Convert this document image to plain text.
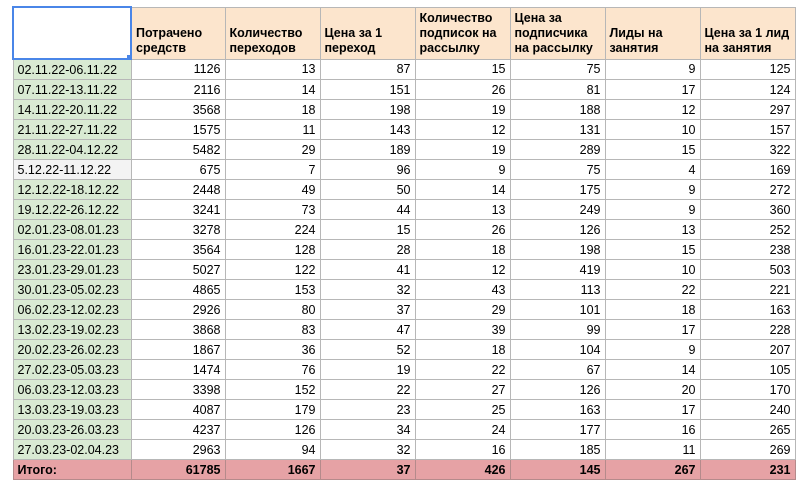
	Потрачено средств	Количество переходов	Цена за 1 переход	Количество подписок на рассылку	Цена за подписчика на рассылку	Лиды на занятия	Цена за 1 лид на занятия
02.11.22-06.11.22	1126	13	87	15	75	9	125
07.11.22-13.11.22	2116	14	151	26	81	17	124
14.11.22-20.11.22	3568	18	198	19	188	12	297
21.11.22-27.11.22	1575	11	143	12	131	10	157
28.11.22-04.12.22	5482	29	189	19	289	15	322
5.12.22-11.12.22	675	7	96	9	75	4	169
12.12.22-18.12.22	2448	49	50	14	175	9	272
19.12.22-26.12.22	3241	73	44	13	249	9	360
02.01.23-08.01.23	3278	224	15	26	126	13	252
16.01.23-22.01.23	3564	128	28	18	198	15	238
23.01.23-29.01.23	5027	122	41	12	419	10	503
30.01.23-05.02.23	4865	153	32	43	113	22	221
06.02.23-12.02.23	2926	80	37	29	101	18	163
13.02.23-19.02.23	3868	83	47	39	99	17	228
20.02.23-26.02.23	1867	36	52	18	104	9	207
27.02.23-05.03.23	1474	76	19	22	67	14	105
06.03.23-12.03.23	3398	152	22	27	126	20	170
13.03.23-19.03.23	4087	179	23	25	163	17	240
20.03.23-26.03.23	4237	126	34	24	177	16	265
27.03.23-02.04.23	2963	94	32	16	185	11	269
Итого:	61785	1667	37	426	145	267	231
